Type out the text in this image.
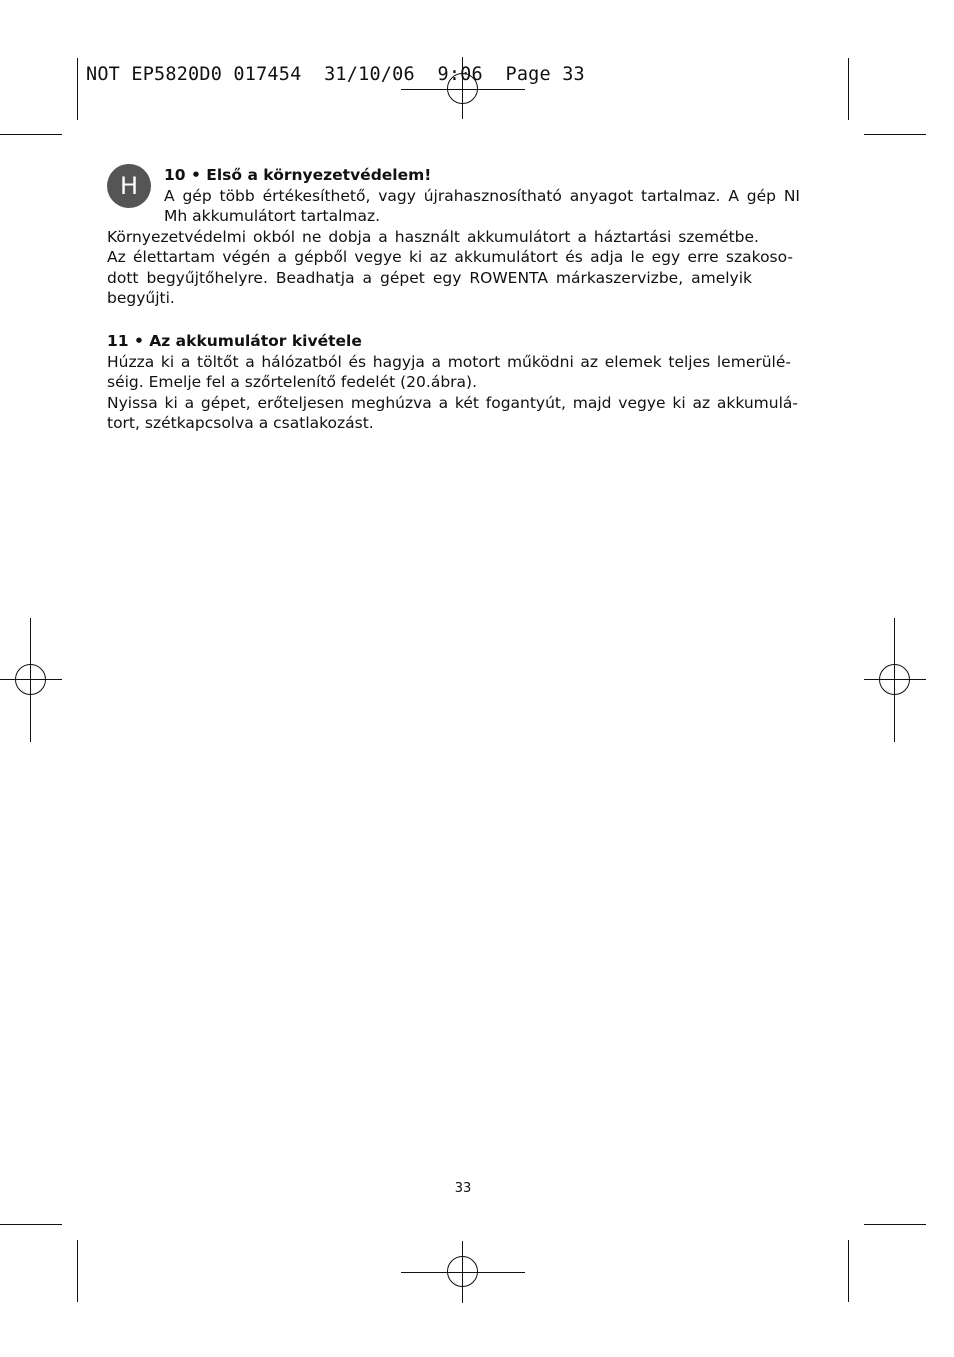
NOT EP5820D0 017454  31/10/06  9:06  Page 33
H	10 • Első a környezetvédelem!
A gép több értékesíthető, vagy újrahasznosítható anyagot tartalmaz. A gép NI
Mh akkumulátort tartalmaz.
Környezetvédelmi okból ne dobja a használt akkumulátort a háztartási szemétbe.
Az élettartam végén a gépből vegye ki az akkumulátort és adja le egy erre szakoso-
dott begyűjtőhelyre. Beadhatja a gépet egy ROWENTA márkaszervizbe, amelyik
begyűjti.
11 • Az akkumulátor kivétele
Húzza ki a töltőt a hálózatból és hagyja a motort működni az elemek teljes lemerülé-
séig. Emelje fel a szőrtelenítő fedelét (20.ábra).
Nyissa ki a gépet, erőteljesen meghúzva a két fogantyút, majd vegye ki az akkumulá-
tort, szétkapcsolva a csatlakozást.
33
